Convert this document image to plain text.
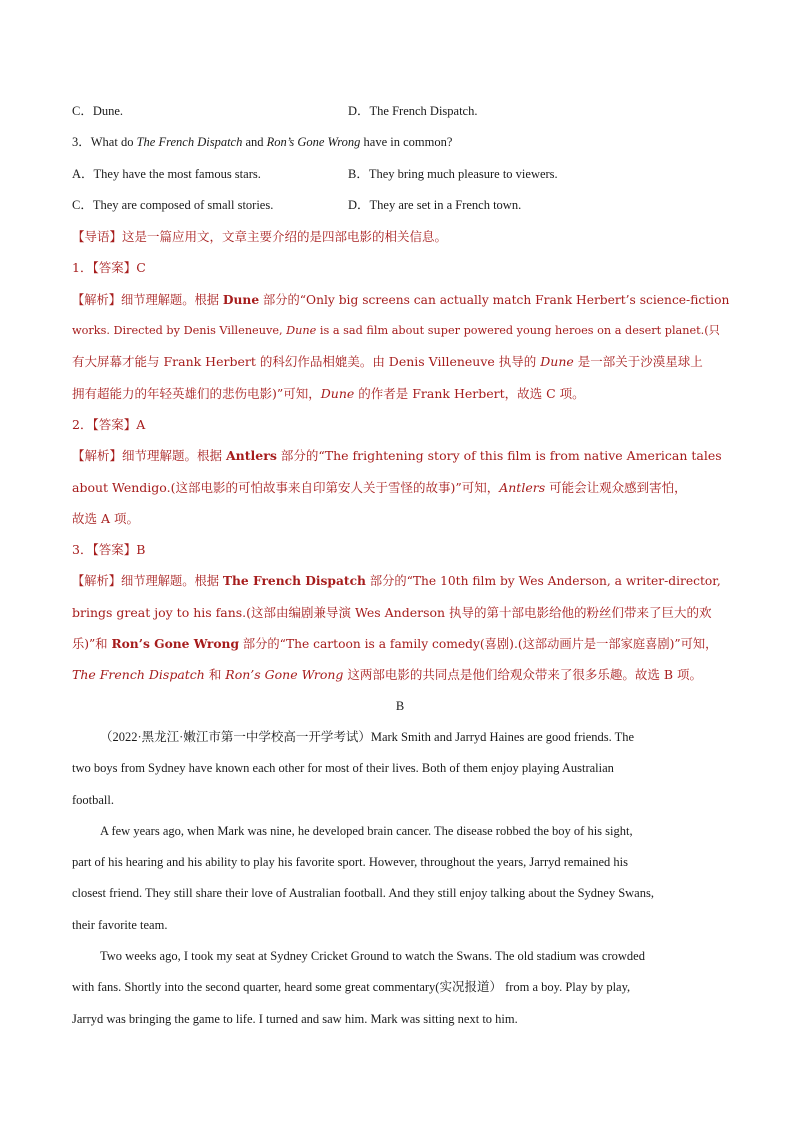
C．Dune.	D．The French Dispatch.
3．What do The French Dispatch and Ron’s Gone Wrong have in common?
A．They have the most famous stars.	B．They bring much pleasure to viewers.
C．They are composed of small stories.	D．They are set in a French town.
【导语】这是一篇应用文，文章主要介绍的是四部电影的相关信息。
1．【答案】C
【解析】细节理解题。根据 Dune 部分的“Only big screens can actually match Frank Herbert’s science-fiction
works. Directed by Denis Villeneuve, Dune is a sad film about super powered young heroes on a desert planet.(只
有大屏幕才能与 Frank Herbert 的科幻作品相媲美。由 Denis Villeneuve 执导的 Dune 是一部关于沙漠星球上
拥有超能力的年轻英雄们的悲伤电影)”可知，Dune 的作者是 Frank Herbert，故选 C 项。
2．【答案】A
【解析】细节理解题。根据 Antlers 部分的“The frightening story of this film is from native American tales
about Wendigo.(这部电影的可怕故事来自印第安人关于雪怪的故事)”可知，Antlers 可能会让观众感到害怕，
故选 A 项。
3．【答案】B
【解析】细节理解题。根据 The French Dispatch 部分的“The 10th film by Wes Anderson, a writer-director,
brings great joy to his fans.(这部由编剧兼导演 Wes Anderson 执导的第十部电影给他的粉丝们带来了巨大的欢
乐)”和 Ron’s Gone Wrong 部分的“The cartoon is a family comedy(喜剧).(这部动画片是一部家庭喜剧)”可知，
The French Dispatch 和 Ron’s Gone Wrong 这两部电影的共同点是他们给观众带来了很多乐趣。故选 B 项。
B
（2022·黑龙江·嫩江市第一中学校高一开学考试）Mark Smith and Jarryd Haines are good friends. The
two boys from Sydney have known each other for most of their lives. Both of them enjoy playing Australian
football.
A few years ago, when Mark was nine, he developed brain cancer. The disease robbed the boy of his sight,
part of his hearing and his ability to play his favorite sport. However, throughout the years, Jarryd remained his
closest friend. They still share their love of Australian football. And they still enjoy talking about the Sydney Swans,
their favorite team.
Two weeks ago, I took my seat at Sydney Cricket Ground to watch the Swans. The old stadium was crowded
with fans. Shortly into the second quarter, heard some great commentary(实况报道） from a boy. Play by play,
Jarryd was bringing the game to life. I turned and saw him. Mark was sitting next to him.
